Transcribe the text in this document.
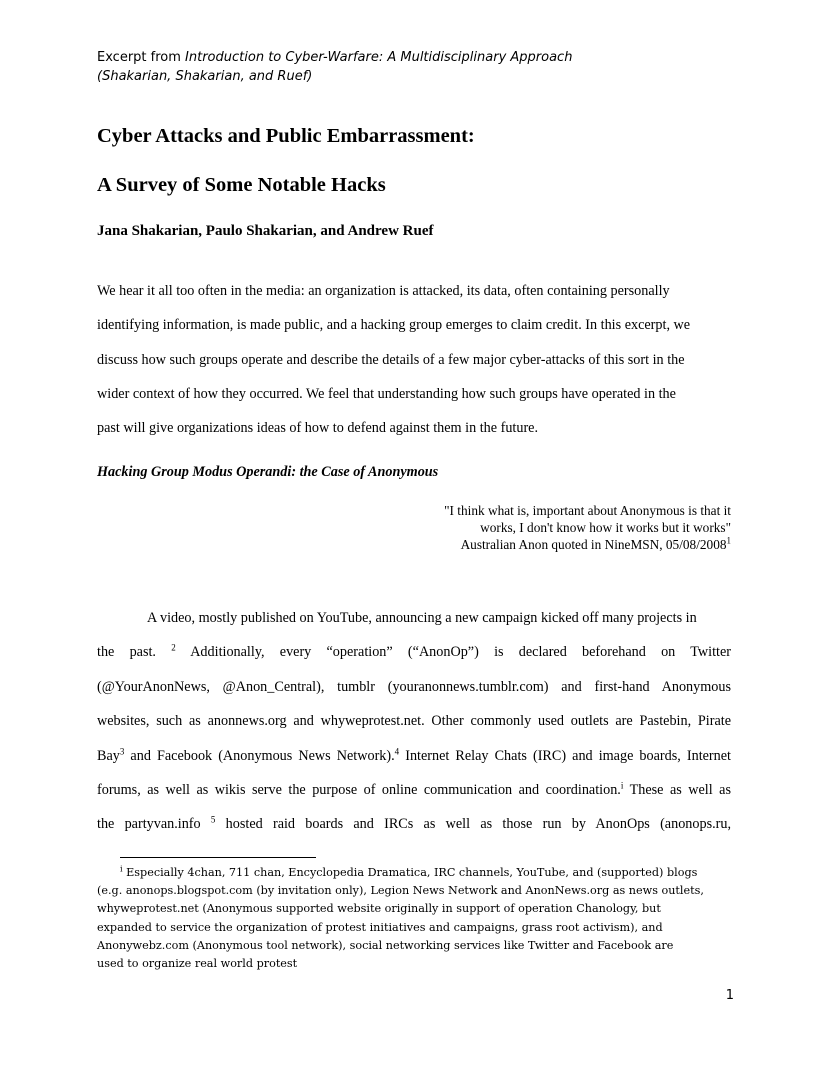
Excerpt from Introduction to Cyber-Warfare: A Multidisciplinary Approach
(Shakarian, Shakarian, and Ruef)
Cyber Attacks and Public Embarrassment:
A Survey of Some Notable Hacks
Jana Shakarian, Paulo Shakarian, and Andrew Ruef
We hear it all too often in the media: an organization is attacked, its data, often containing personally
identifying information, is made public, and a hacking group emerges to claim credit. In this excerpt, we
discuss how such groups operate and describe the details of a few major cyber-attacks of this sort in the
wider context of how they occurred. We feel that understanding how such groups have operated in the
past will give organizations ideas of how to defend against them in the future.
Hacking Group Modus Operandi: the Case of Anonymous
"I think what is, important about Anonymous is that it
works, I don't know how it works but it works"
Australian Anon quoted in NineMSN, 05/08/2008$^1$
A video, mostly published on YouTube, announcing a new campaign kicked off many projects in
the past. $^2$ Additionally, every “operation” (“AnonOp”) is declared beforehand on Twitter
(@YourAnonNews, @Anon_Central), tumblr (youranonnews.tumblr.com) and first-hand Anonymous
websites, such as anonnews.org and whyweprotest.net. Other commonly used outlets are Pastebin, Pirate
Bay$^3$ and Facebook (Anonymous News Network).$^4$ Internet Relay Chats (IRC) and image boards, Internet
forums, as well as wikis serve the purpose of online communication and coordination.$^i$ These as well as
the partyvan.info $^5$ hosted raid boards and IRCs as well as those run by AnonOps (anonops.ru,
$^i$ Especially 4chan, 711 chan, Encyclopedia Dramatica, IRC channels, YouTube, and (supported) blogs
(e.g. anonops.blogspot.com (by invitation only), Legion News Network and AnonNews.org as news outlets,
whyweprotest.net (Anonymous supported website originally in support of operation Chanology, but
expanded to service the organization of protest initiatives and campaigns, grass root activism), and
Anonywebz.com (Anonymous tool network), social networking services like Twitter and Facebook are
used to organize real world protest
1
